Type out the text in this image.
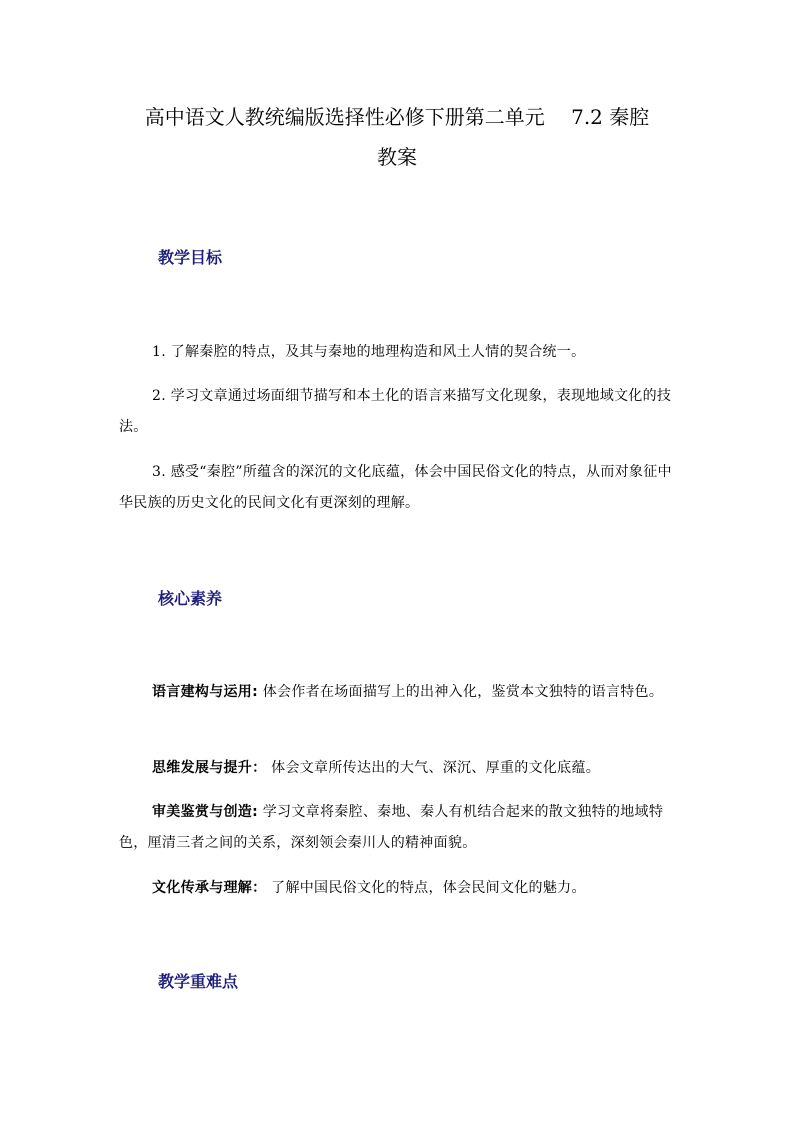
高中语文人教统编版选择性必修下册第二单元　 7.2 秦腔
教案
教学目标

1. 了解秦腔的特点，及其与秦地的地理构造和风土人情的契合统一。

2. 学习文章通过场面细节描写和本土化的语言来描写文化现象，表现地域文化的技法。

3. 感受“秦腔”所蕴含的深沉的文化底蕴，体会中国民俗文化的特点，从而对象征中华民族的历史文化的民间文化有更深刻的理解。

核心素养

语言建构与运用: 体会作者在场面描写上的出神入化，鉴赏本文独特的语言特色。

思维发展与提升： 体会文章所传达出的大气、深沉、厚重的文化底蕴。

审美鉴赏与创造: 学习文章将秦腔、秦地、秦人有机结合起来的散文独特的地域特色，厘清三者之间的关系，深刻领会秦川人的精神面貌。

文化传承与理解： 了解中国民俗文化的特点，体会民间文化的魅力。

教学重难点
